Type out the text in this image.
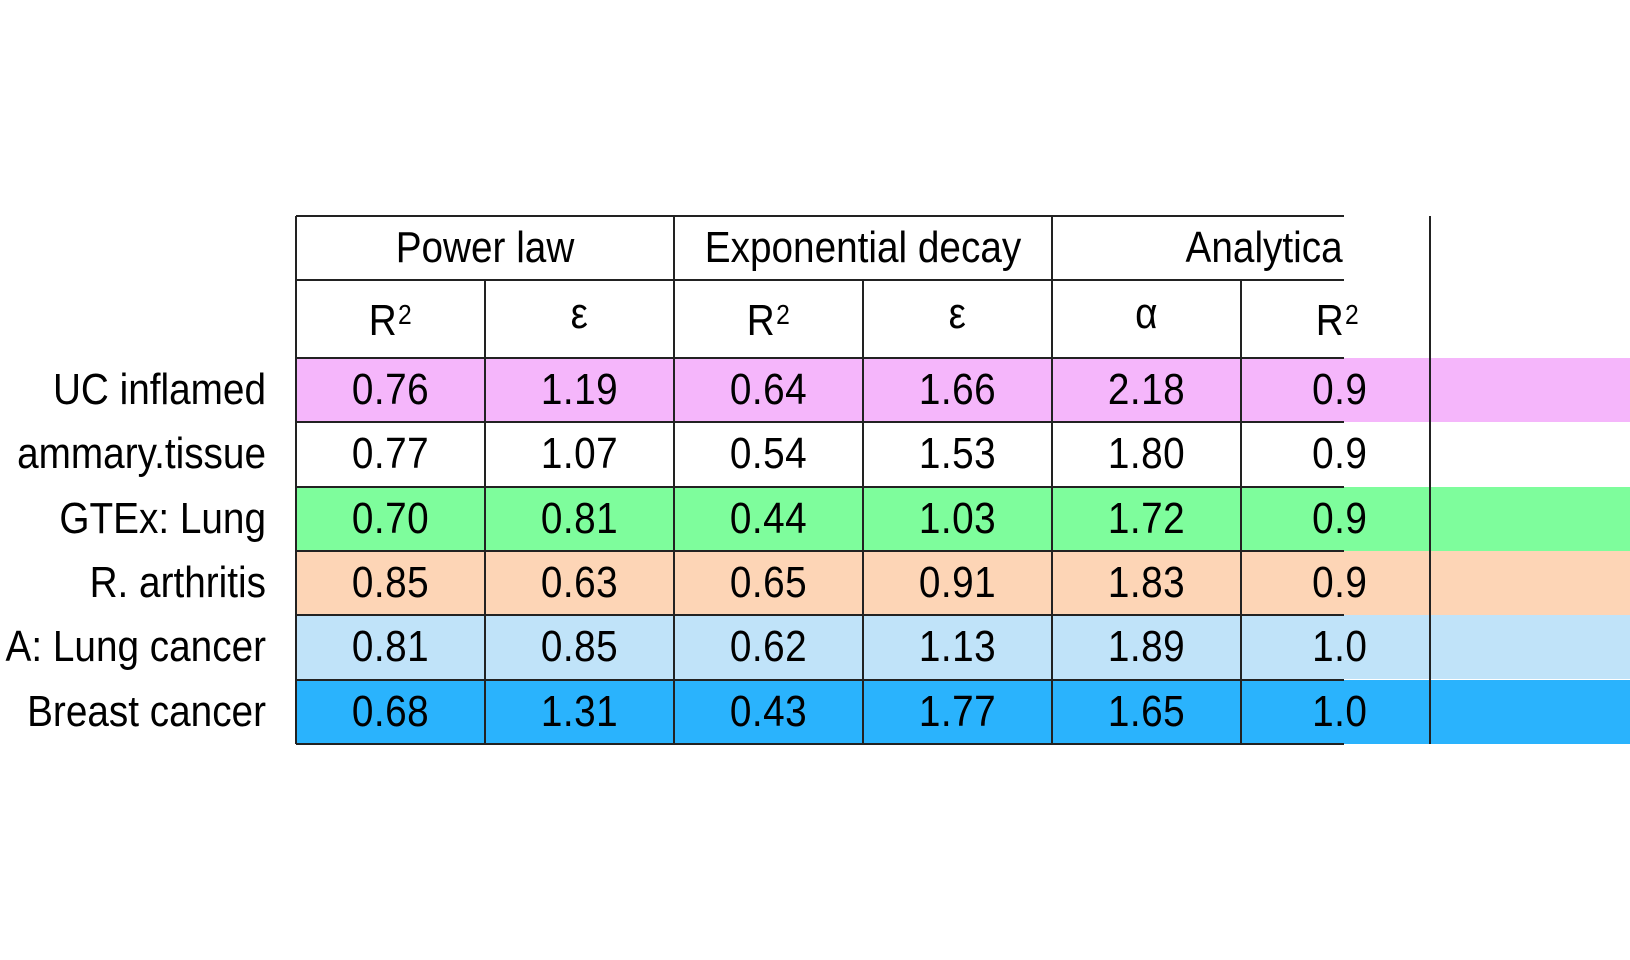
Power law	Exponential decay	Analytica
$R^2$	ε	$R^2$	ε	α	$R^2$
UC inflamed	0.76	1.19	0.64	1.66	2.18	0.9
ammary.tissue	0.77	1.07	0.54	1.53	1.80	0.9
GTEx: Lung	0.70	0.81	0.44	1.03	1.72	0.9
R. arthritis	0.85	0.63	0.65	0.91	1.83	0.9
A: Lung cancer	0.81	0.85	0.62	1.13	1.89	1.0
Breast cancer	0.68	1.31	0.43	1.77	1.65	1.0
